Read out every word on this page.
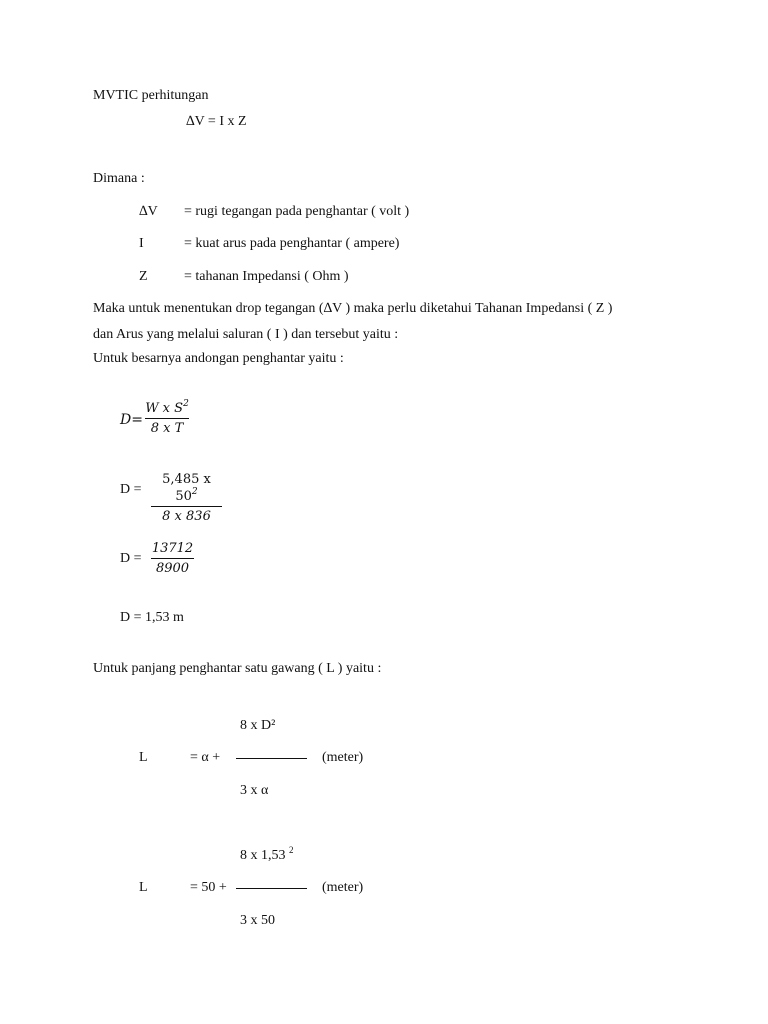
MVTIC perhitungan
∆V = I x Z
Dimana :
∆V = rugi tegangan pada penghantar ( volt )
I	= kuat arus pada penghantar ( ampere)
Z	= tahanan Impedansi ( Ohm )
Maka untuk menentukan drop tegangan (∆V ) maka perlu diketahui Tahanan Impedansi ( Z )
dan Arus yang melalui saluran ( I ) dan tersebut yaitu :
Untuk besarnya andongan penghantar yaitu :
D=
W x $S^2$
8 x T
D =
5,485 x $50^2$
8 x 836
D =
13712
8900
D = 1,53 m
Untuk panjang penghantar satu gawang ( L ) yaitu :
8 x D²
L	= α +	(meter)
3 x α
8 x 1,53 $^2$
L	= 50 +	(meter)
3 x 50
